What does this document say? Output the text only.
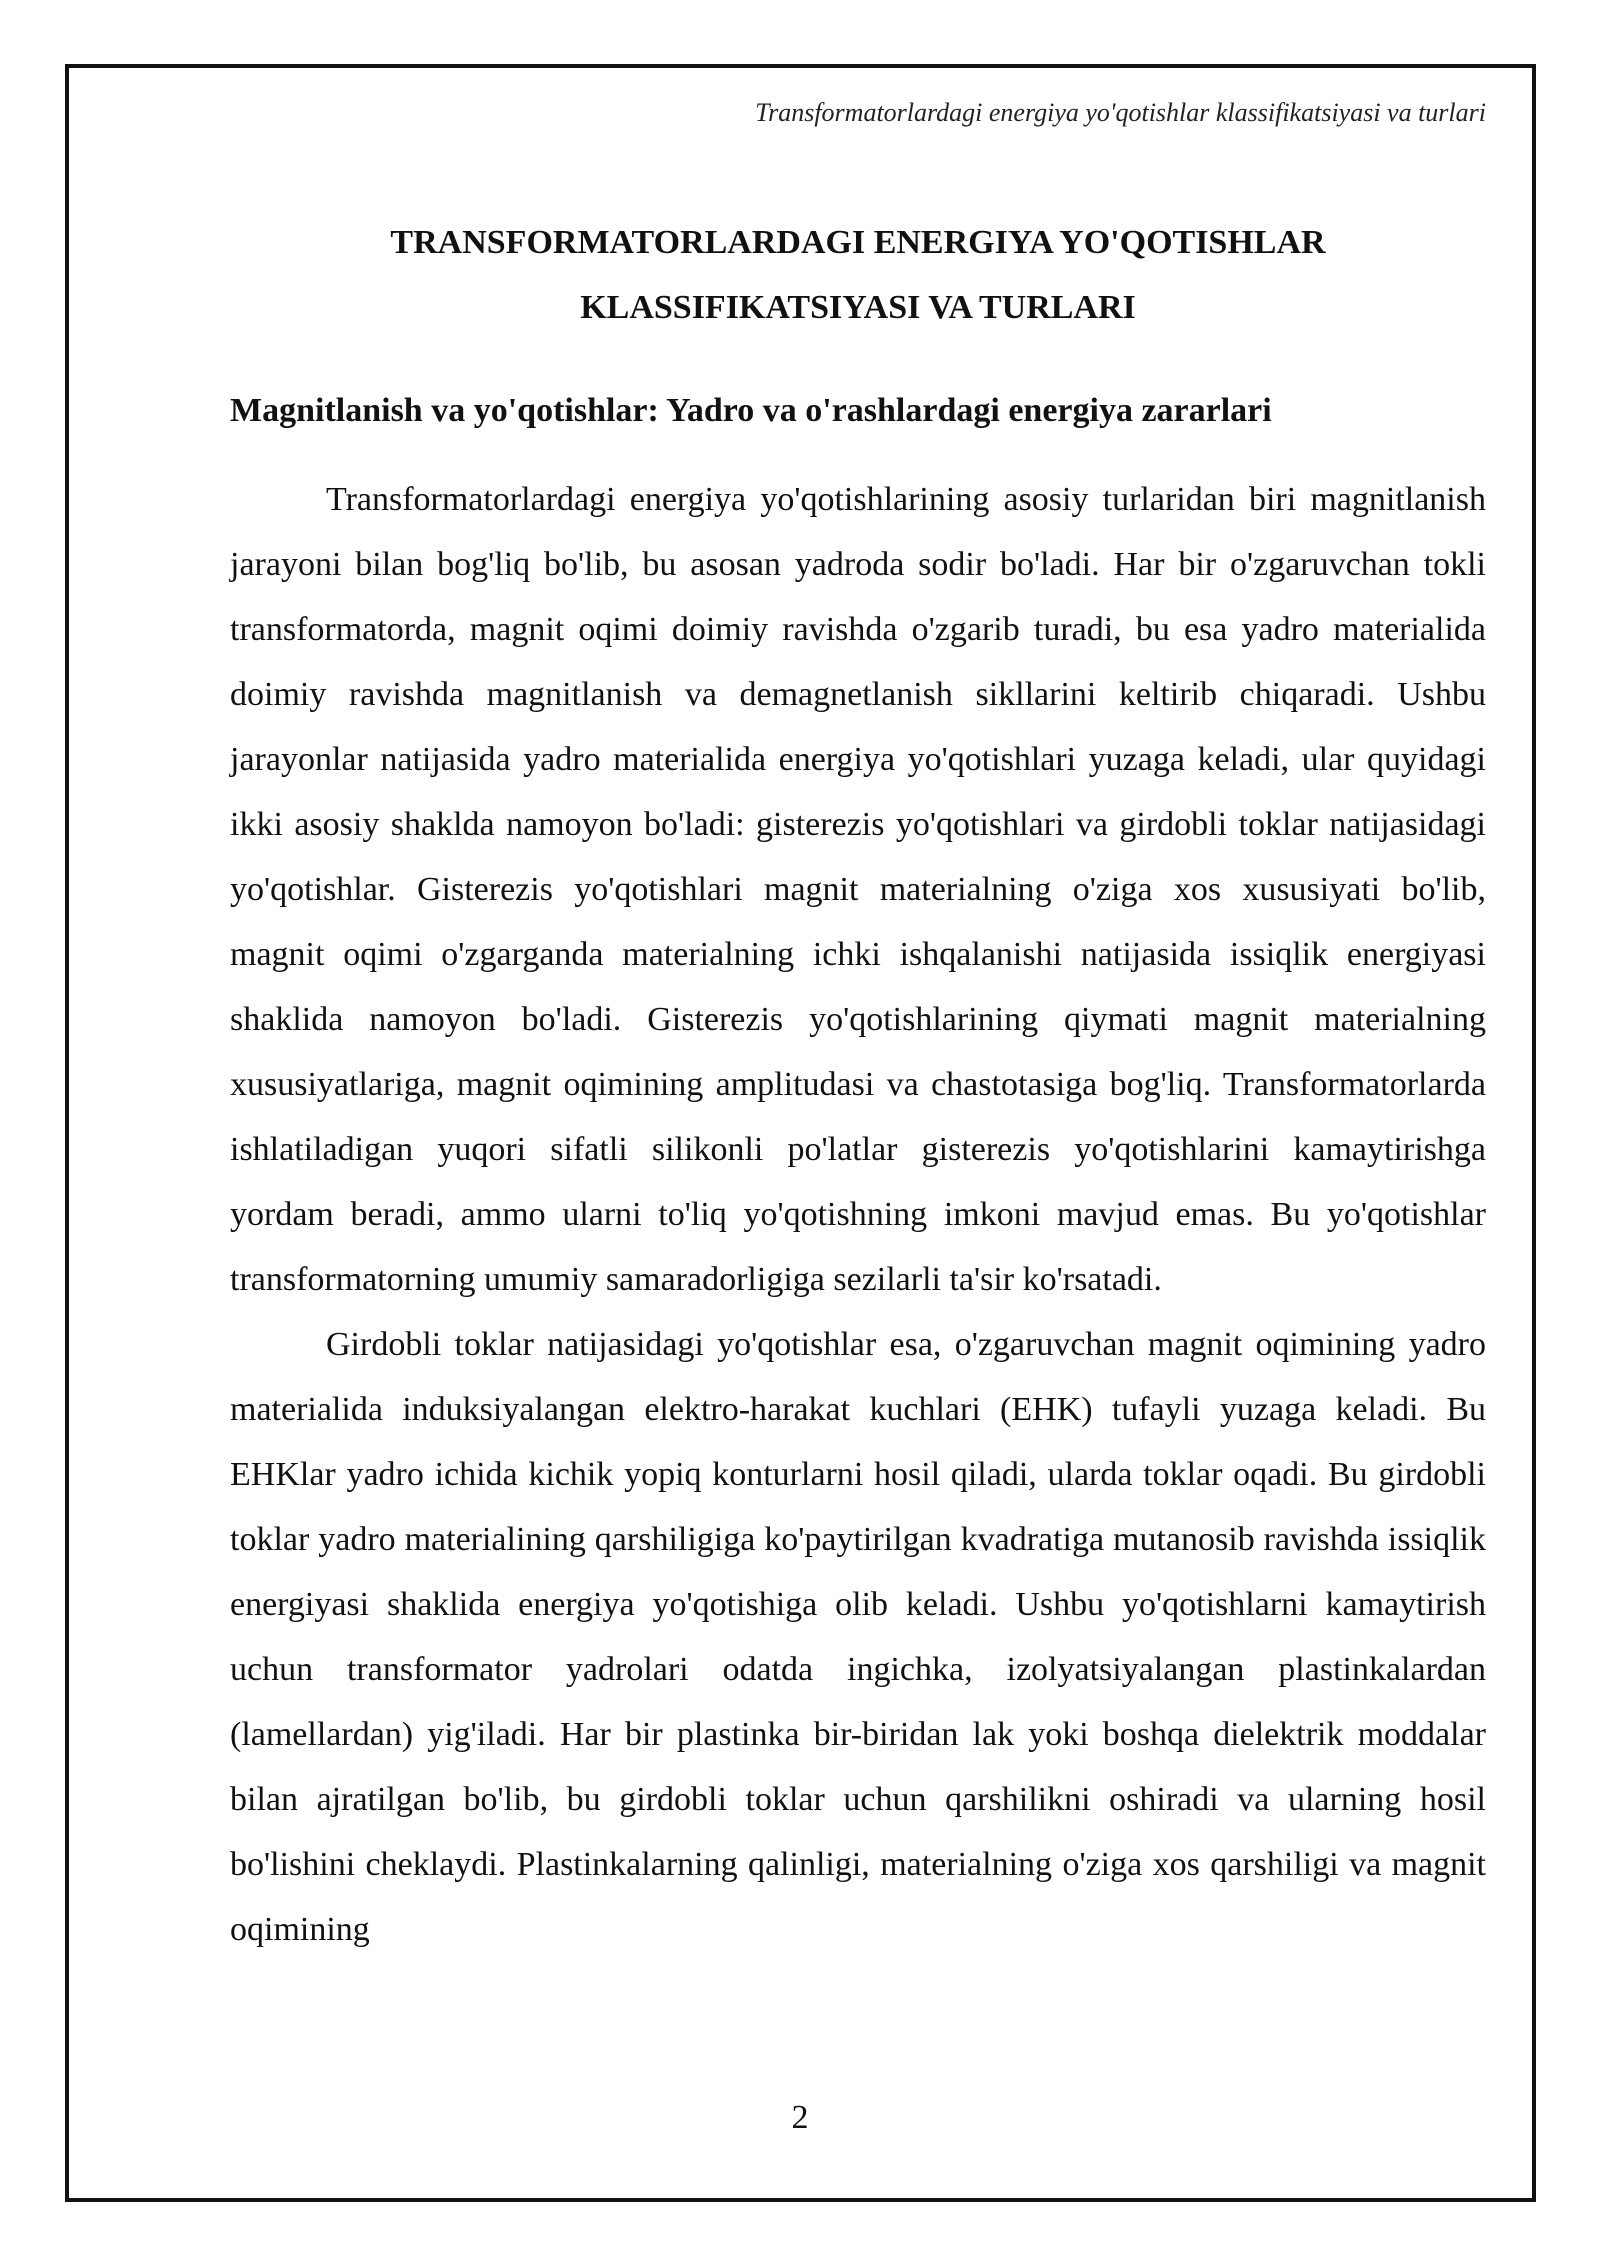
Transformatorlardagi energiya yo'qotishlar klassifikatsiyasi va turlari
TRANSFORMATORLARDAGI ENERGIYA YO'QOTISHLAR
KLASSIFIKATSIYASI VA TURLARI
Magnitlanish va yo'qotishlar: Yadro va o'rashlardagi energiya zararlari

Transformatorlardagi energiya yo'qotishlarining asosiy turlaridan biri magnitlanish jarayoni bilan bog'liq bo'lib, bu asosan yadroda sodir bo'ladi. Har bir o'zgaruvchan tokli transformatorda, magnit oqimi doimiy ravishda o'zgarib turadi, bu esa yadro materialida doimiy ravishda magnitlanish va demagnetlanish sikllarini keltirib chiqaradi. Ushbu jarayonlar natijasida yadro materialida energiya yo'qotishlari yuzaga keladi, ular quyidagi ikki asosiy shaklda namoyon bo'ladi: gisterezis yo'qotishlari va girdobli toklar natijasidagi yo'qotishlar. Gisterezis yo'qotishlari magnit materialning o'ziga xos xususiyati bo'lib, magnit oqimi o'zgarganda materialning ichki ishqalanishi natijasida issiqlik energiyasi shaklida namoyon bo'ladi. Gisterezis yo'qotishlarining qiymati magnit materialning xususiyatlariga, magnit oqimining amplitudasi va chastotasiga bog'liq. Transformatorlarda ishlatiladigan yuqori sifatli silikonli po'latlar gisterezis yo'qotishlarini kamaytirishga yordam beradi, ammo ularni to'liq yo'qotishning imkoni mavjud emas. Bu yo'qotishlar transformatorning umumiy samaradorligiga sezilarli ta'sir ko'rsatadi.

Girdobli toklar natijasidagi yo'qotishlar esa, o'zgaruvchan magnit oqimining yadro materialida induksiyalangan elektro-harakat kuchlari (EHK) tufayli yuzaga keladi. Bu EHKlar yadro ichida kichik yopiq konturlarni hosil qiladi, ularda toklar oqadi. Bu girdobli toklar yadro materialining qarshiligiga ko'paytirilgan kvadratiga mutanosib ravishda issiqlik energiyasi shaklida energiya yo'qotishiga olib keladi. Ushbu yo'qotishlarni kamaytirish uchun transformator yadrolari odatda ingichka, izolyatsiyalangan plastinkalardan (lamellardan) yig'iladi. Har bir plastinka bir-biridan lak yoki boshqa dielektrik moddalar bilan ajratilgan bo'lib, bu girdobli toklar uchun qarshilikni oshiradi va ularning hosil bo'lishini cheklaydi. Plastinkalarning qalinligi, materialning o'ziga xos qarshiligi va magnit oqimining

2
